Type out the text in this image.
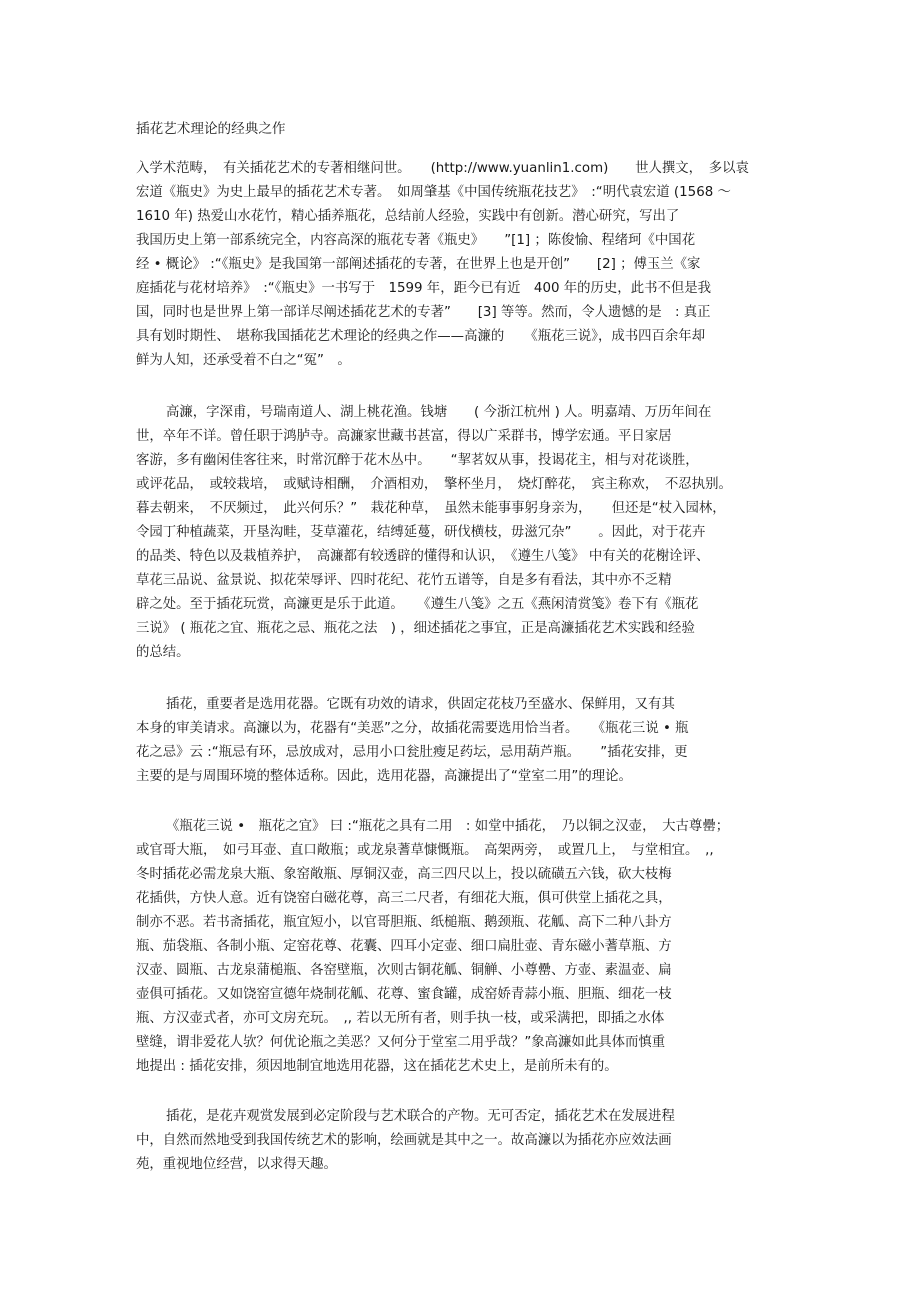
插花艺术理论的经典之作
入学术范畴，　有关插花艺术的专著相继问世。　　(http://www.yuanlin1.com)　　世人撰文，　多以袁
宏道《瓶史》为史上最早的插花艺术专著。　如周肇基《中国传统瓶花技艺》　:“明代袁宏道 (1568 ～
1610 年) 热爱山水花竹，精心插养瓶花，总结前人经验，实践中有创新。潜心研究，写出了
我国历史上第一部系统完全，内容高深的瓶花专著《瓶史》　　”[1] ；陈俊愉、程绪珂《中国花
经 • 概论》 :“《瓶史》是我国第一部阐述插花的专著，在世界上也是开创”　　[2] ；傅玉兰《家
庭插花与花材培养》　:“《瓶史》一书写于　1599 年，距今已有近　400 年的历史，此书不但是我
国，同时也是世界上第一部详尽阐述插花艺术的专著”　　[3] 等等。然而，令人遗憾的是　: 真正
具有划时期性、　堪称我国插花艺术理论的经典之作——高濂的　　《瓶花三说》，成书四百余年却
鲜为人知，还承受着不白之“冤”　。
高濂，字深甫，号瑞南道人、湖上桃花渔。钱塘　　( 今浙江杭州 ) 人。明嘉靖、万历年间在
世，卒年不详。曾任职于鸿胪寺。高濂家世藏书甚富，得以广采群书，博学宏通。平日家居
客游，多有幽闲佳客往来，时常沉醉于花木丛中。　　“挈茗奴从事，投谒花主，相与对花谈胜，
或评花品，　或较栽培，　或赋诗相酬，　介酒相劝，　擎杯坐月，　烧灯醉花，　宾主称欢，　不忍执别。
暮去朝来，　不厌频过，　此兴何乐？”　栽花种草，　虽然未能事事躬身亲为，　　但还是“杖入园林，
令园丁种植蔬菜，开垦沟畦，芟草灌花，结缚延蔓，研伐横枝，毋滋冗杂”　　。因此，对于花卉
的品类、特色以及栽植养护，　高濂都有较透辟的懂得和认识，　《遵生八笺》 中有关的花榭诠评、
草花三品说、盆景说、拟花荣辱评、四时花纪、花竹五谱等，自是多有看法，其中亦不乏精
辟之处。至于插花玩赏，高濂更是乐于此道。　　《遵生八笺》之五《燕闲清赏笺》卷下有《瓶花
三说》 ( 瓶花之宜、瓶花之忌、瓶花之法　) ，细述插花之事宜，正是高濂插花艺术实践和经验
的总结。
插花，重要者是选用花器。它既有功效的请求，供固定花枝乃至盛水、保鲜用，又有其
本身的审美请求。高濂以为，花器有“美恶”之分，故插花需要选用恰当者。　　《瓶花三说 • 瓶
花之忌》云 :“瓶忌有环，忌放成对，忌用小口瓮肚瘦足药坛，忌用葫芦瓶。　　”插花安排，更
主要的是与周围环境的整体适称。因此，选用花器，高濂提出了“堂室二用”的理论。
《瓶花三说 •　瓶花之宜》 曰 :“瓶花之具有二用　: 如堂中插花，　乃以铜之汉壶，　大古尊罍；
或官哥大瓶，　如弓耳壶、直口敞瓶；或龙泉蓍草慷慨瓶。　高架两旁，　或置几上，　与堂相宜。　,,
冬时插花必需龙泉大瓶、象窑敞瓶、厚铜汉壶，高三四尺以上，投以硫磺五六钱，砍大枝梅
花插供，方快人意。近有饶窑白磁花尊，高三二尺者，有细花大瓶，俱可供堂上插花之具，
制亦不恶。若书斋插花，瓶宜短小，以官哥胆瓶、纸槌瓶、鹅颈瓶、花觚、高下二种八卦方
瓶、茄袋瓶、各制小瓶、定窑花尊、花囊、四耳小定壶、细口扁肚壶、青东磁小蓍草瓶、方
汉壶、圆瓶、古龙泉蒲槌瓶、各窑壁瓶，次则古铜花觚、铜觯、小尊罍、方壶、素温壶、扁
壶俱可插花。又如饶窑宣德年烧制花觚、花尊、蜜食罐，成窑娇青蒜小瓶、胆瓶、细花一枝
瓶、方汉壶式者，亦可文房充玩。　,, 若以无所有者，则手执一枝，或采满把，即插之水体
壁缝，谓非爱花人欤？何优论瓶之美恶？又何分于堂室二用乎哉？”象高濂如此具体而慎重
地提出 : 插花安排，须因地制宜地选用花器，这在插花艺术史上，是前所未有的。
插花，是花卉观赏发展到必定阶段与艺术联合的产物。无可否定，插花艺术在发展进程
中，自然而然地受到我国传统艺术的影响，绘画就是其中之一。故高濂以为插花亦应效法画
苑，重视地位经营，以求得天趣。
